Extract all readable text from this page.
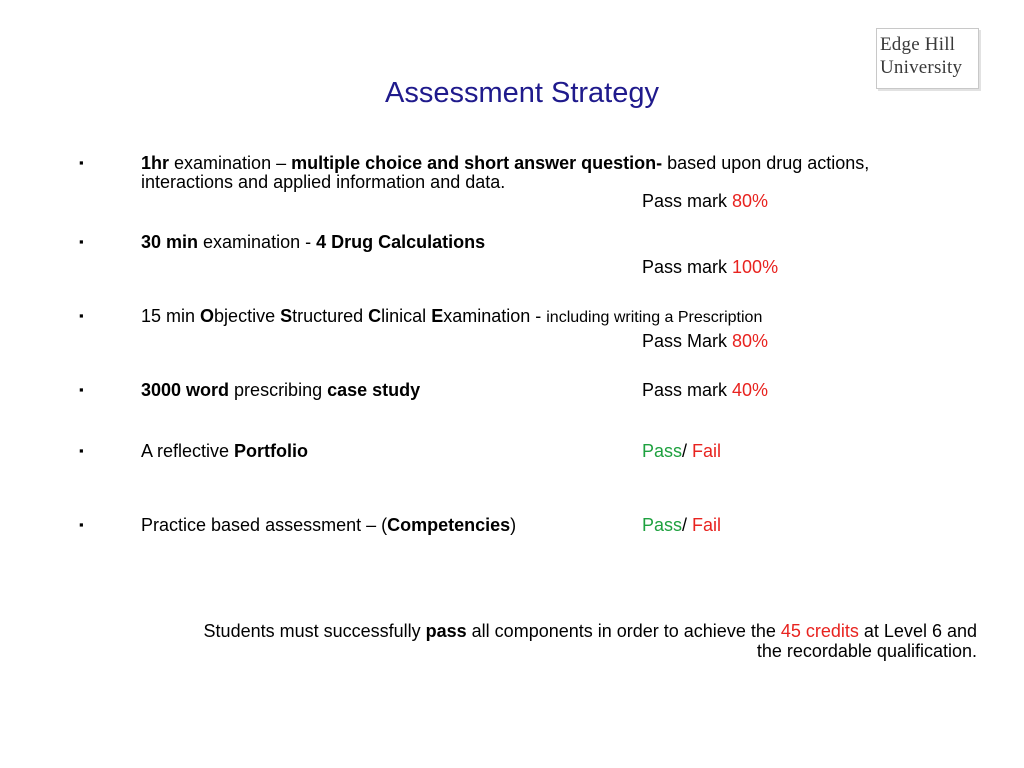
Edge Hill
University
Assessment Strategy
▪	1hr examination – multiple choice and short answer question- based upon drug actions,
interactions and applied information and data.
Pass mark 80%
▪	30 min examination - 4 Drug Calculations
Pass mark 100%
▪	15 min Objective Structured Clinical Examination - including writing a Prescription
Pass Mark 80%
▪	3000 word prescribing case study	Pass mark 40%
▪	A reflective Portfolio	Pass/ Fail
▪	Practice based assessment – (Competencies)	Pass/ Fail
Students must successfully pass all components in order to achieve the 45 credits at Level 6 and
the recordable qualification.
